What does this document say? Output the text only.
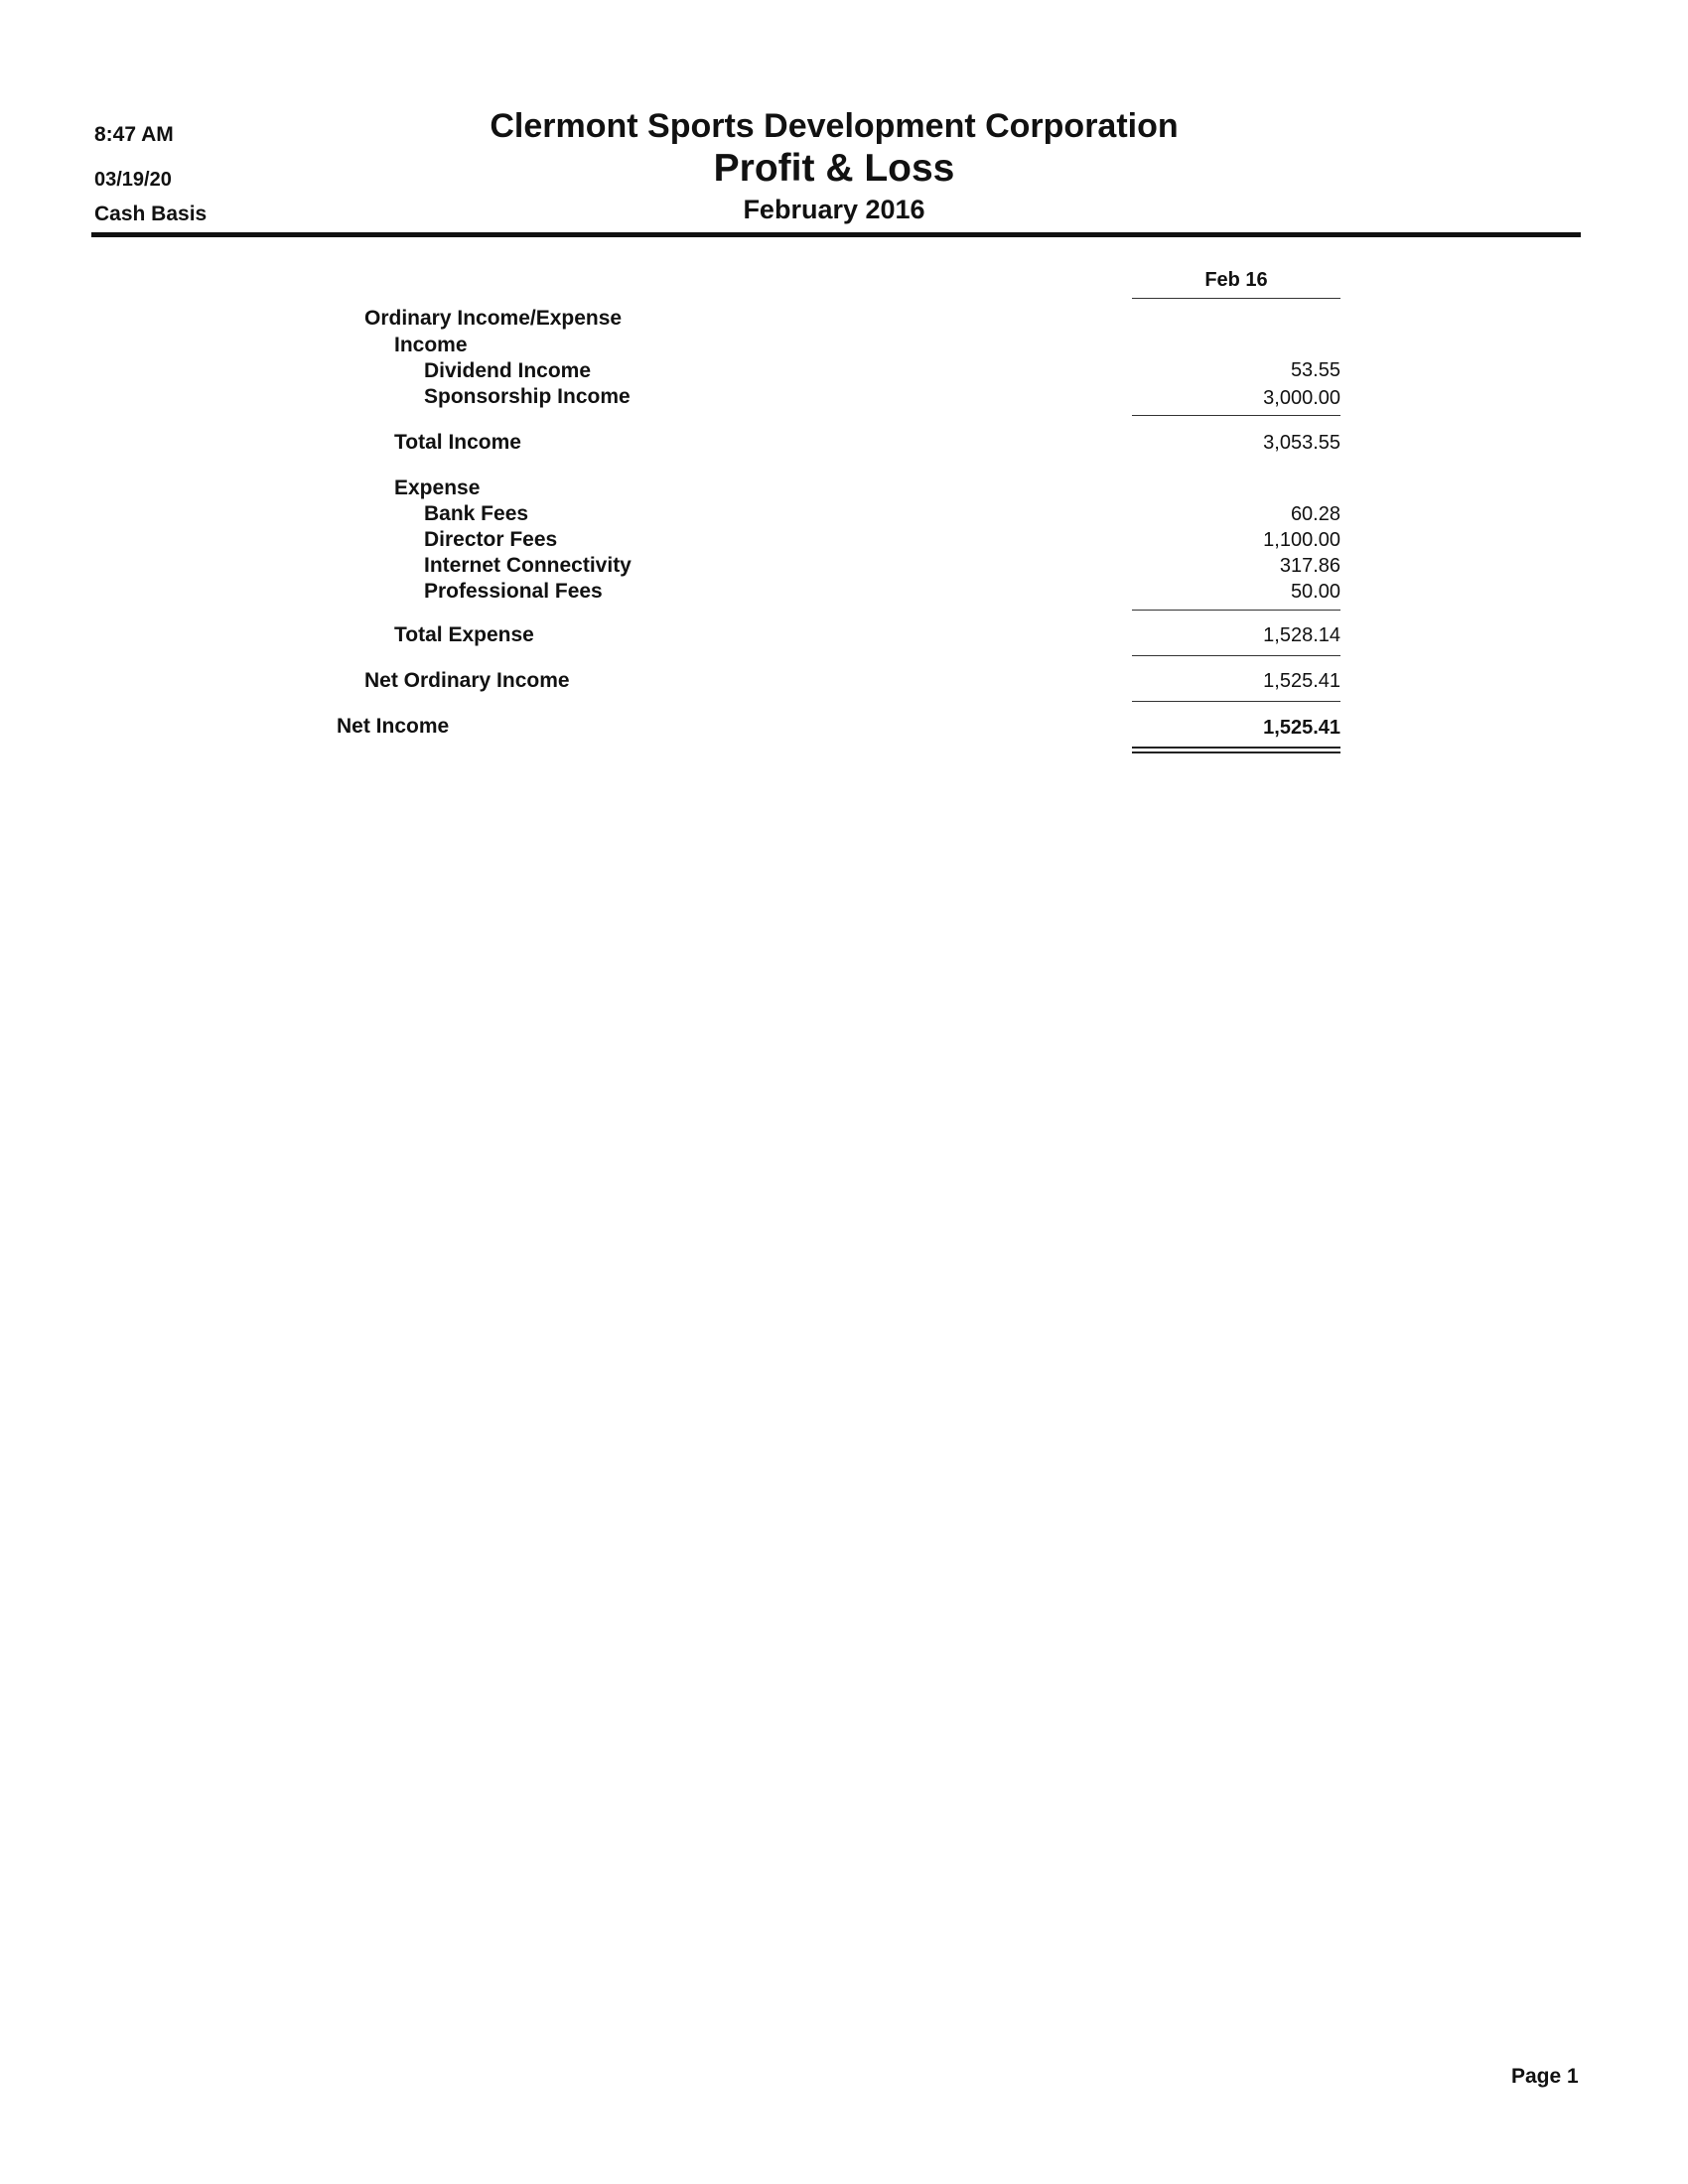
8:47 AM
03/19/20
Cash Basis
Clermont Sports Development Corporation
Profit & Loss
February 2016
Feb 16
Ordinary Income/Expense
Income
Dividend Income	53.55
Sponsorship Income	3,000.00
Total Income	3,053.55
Expense
Bank Fees	60.28
Director Fees	1,100.00
Internet Connectivity	317.86
Professional Fees	50.00
Total Expense	1,528.14
Net Ordinary Income	1,525.41
Net Income	1,525.41
Page 1
